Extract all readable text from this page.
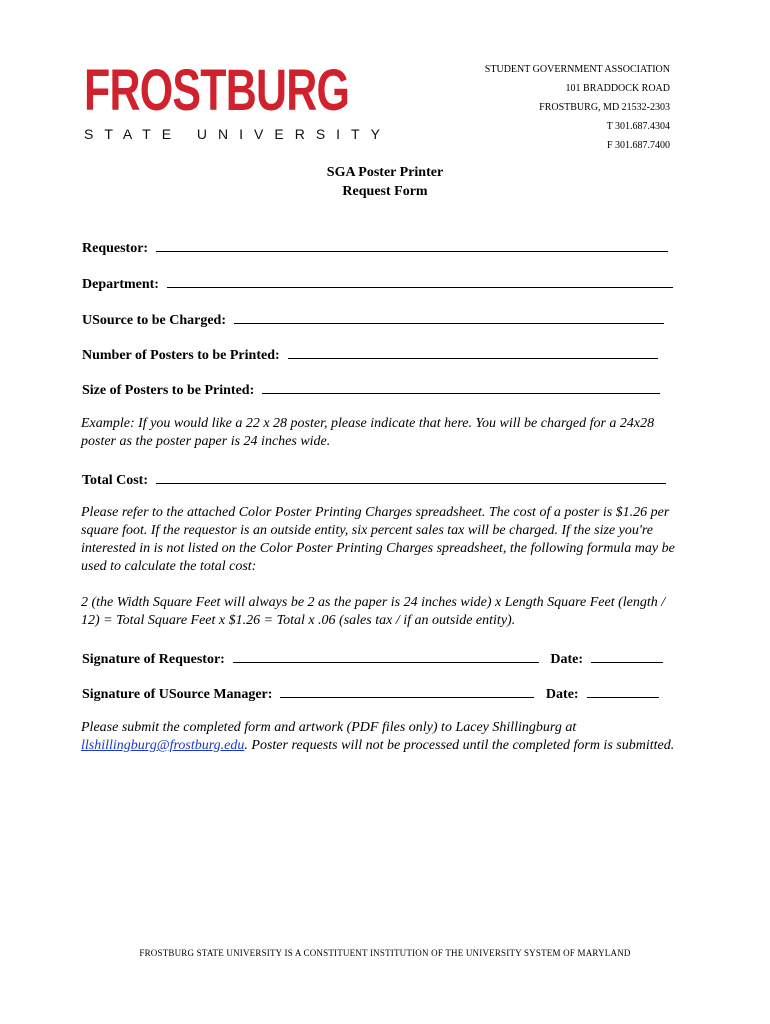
FROSTBURG
STATE UNIVERSITY
STUDENT GOVERNMENT ASSOCIATION
101 BRADDOCK ROAD
FROSTBURG, MD 21532-2303
T 301.687.4304
F 301.687.7400
SGA Poster Printer
Request Form
Requestor:
Department:
USource to be Charged:
Number of Posters to be Printed:
Size of Posters to be Printed:
Example: If you would like a 22 x 28 poster, please indicate that here. You will be charged for a 24x28 poster as the poster paper is 24 inches wide.
Total Cost:
Please refer to the attached Color Poster Printing Charges spreadsheet. The cost of a poster is $1.26 per square foot. If the requestor is an outside entity, six percent sales tax will be charged. If the size you're interested in is not listed on the Color Poster Printing Charges spreadsheet, the following formula may be used to calculate the total cost:
2 (the Width Square Feet will always be 2 as the paper is 24 inches wide) x Length Square Feet (length / 12) = Total Square Feet x $1.26 = Total x .06 (sales tax / if an outside entity).
Signature of Requestor:	Date:
Signature of USource Manager:	Date:
Please submit the completed form and artwork (PDF files only) to Lacey Shillingburg at llshillingburg@frostburg.edu. Poster requests will not be processed until the completed form is submitted.
FROSTBURG STATE UNIVERSITY IS A CONSTITUENT INSTITUTION OF THE UNIVERSITY SYSTEM OF MARYLAND
